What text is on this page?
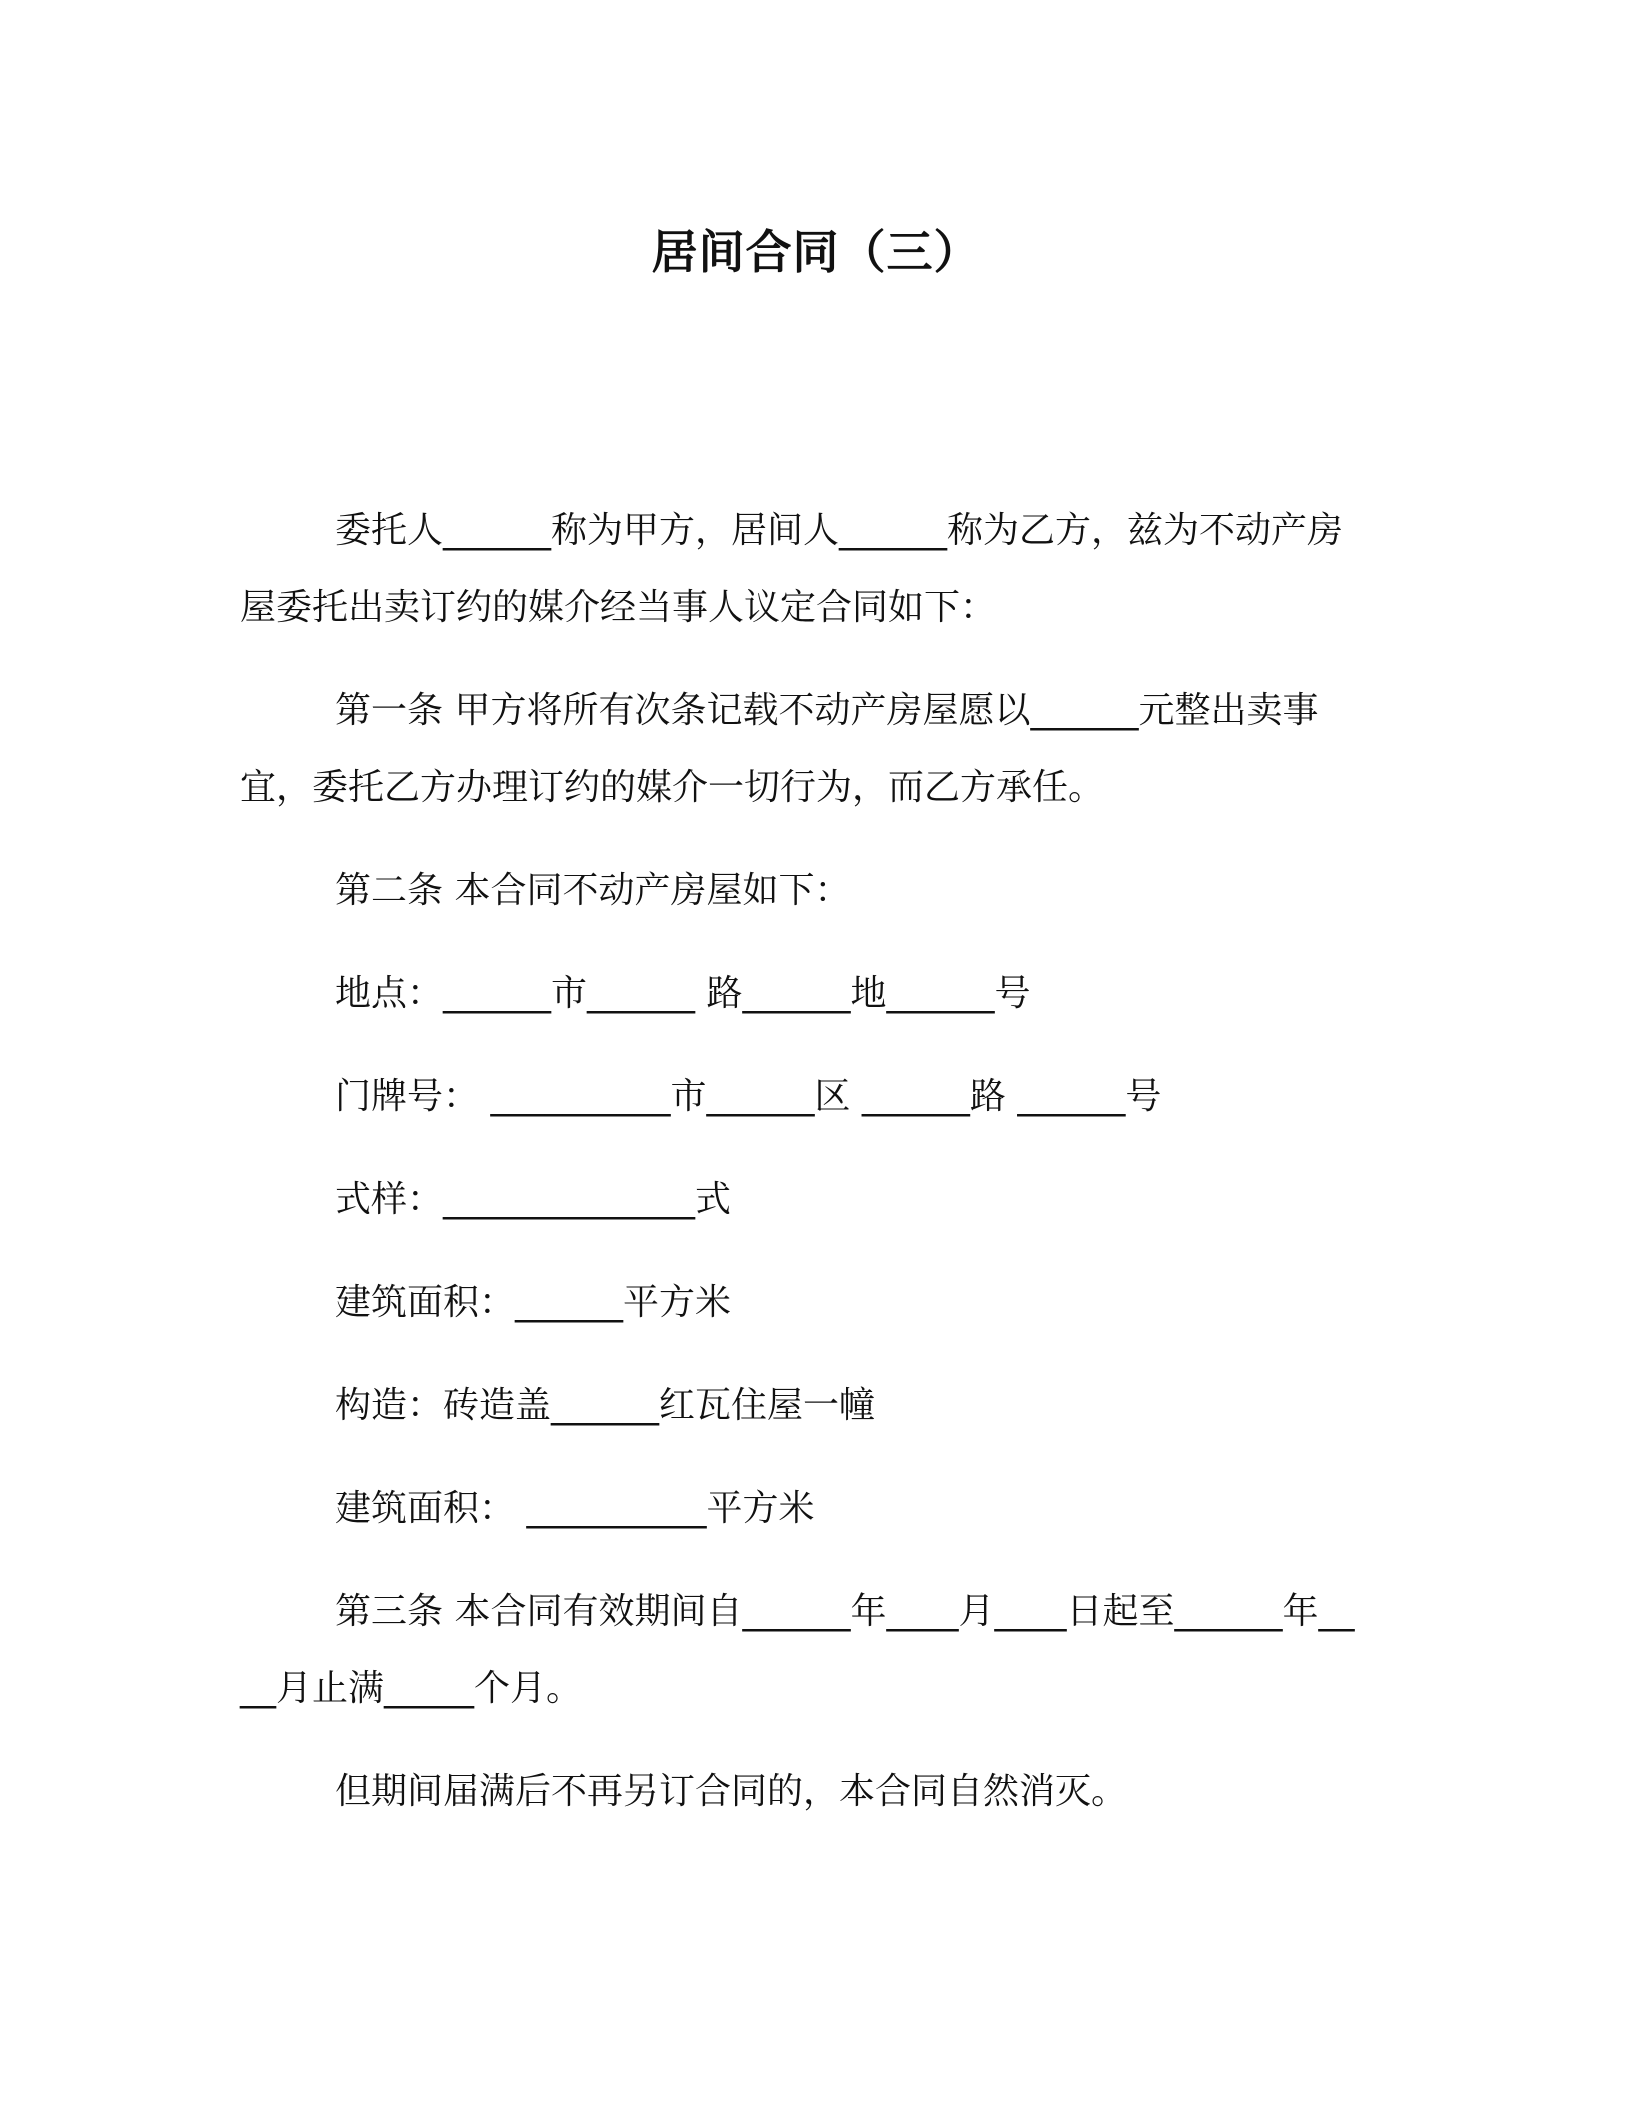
居间合同（三）

委托人______称为甲方，居间人______称为乙方，兹为不动产房屋委托出卖订约的媒介经当事人议定合同如下：

第一条 甲方将所有次条记载不动产房屋愿以______元整出卖事宜，委托乙方办理订约的媒介一切行为，而乙方承任。

第二条 本合同不动产房屋如下：

地点：______市______ 路______地______号

门牌号： __________市______区 ______路 ______号

式样：______________式

建筑面积：______平方米

构造：砖造盖______红瓦住屋一幢

建筑面积： __________平方米

第三条 本合同有效期间自______年____月____日起至______年____月止满_____个月。

但期间届满后不再另订合同的，本合同自然消灭。
